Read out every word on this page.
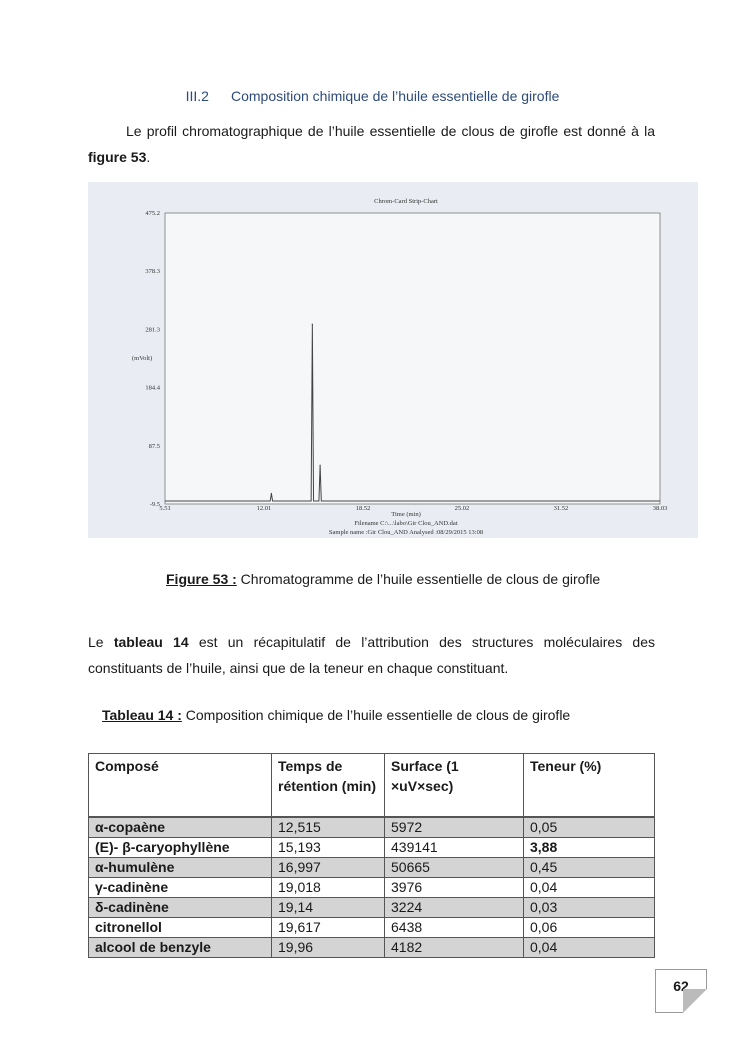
III.2 Composition chimique de l’huile essentielle de girofle
Le profil chromatographique de l’huile essentielle de clous de girofle est donné à la figure 53.
Chrom-Card Strip-Chart
(mVolt)
Time (min)
Filename C:\...\labo\Gir Clou_AND.dat
Sample name :Gir Clou_AND Analysed :08/29/2015 13:08
475.2
378.3
281.3
184.4
87.5
-9.5
5.51	12.01	18.52	25.02	31.52	38.03
Figure 53 : Chromatogramme de l’huile essentielle de clous de girofle
Le tableau 14 est un récapitulatif de l’attribution des structures moléculaires des constituants de l’huile, ainsi que de la teneur en chaque constituant.
Tableau 14 : Composition chimique de l’huile essentielle de clous de girofle
Composé	Temps de rétention (min)	Surface (1 ×uV×sec)	Teneur (%)
α-copaène	12,515	5972	0,05
(E)- β-caryophyllène	15,193	439141	3,88
α-humulène	16,997	50665	0,45
γ-cadinène	19,018	3976	0,04
δ-cadinène	19,14	3224	0,03
citronellol	19,617	6438	0,06
alcool de benzyle	19,96	4182	0,04
62
